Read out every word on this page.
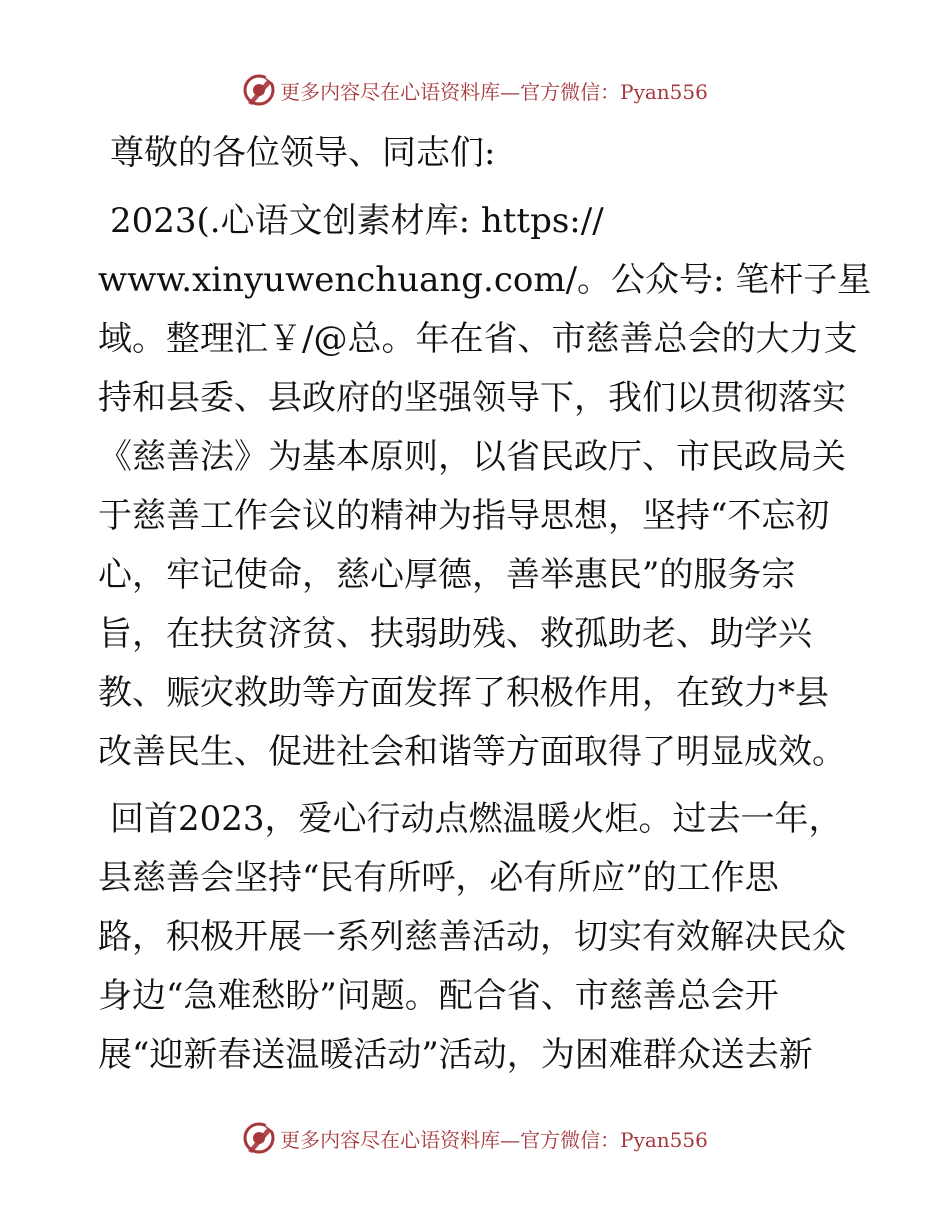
更多内容尽在心语资料库—官方微信：Pyan556

尊敬的各位领导、同志们:

2023(.心语文创素材库: https://
www.xinyuwenchuang.com/。公众号: 笔杆子星
域。整理汇￥/@总。年在省、市慈善总会的大力支
持和县委、县政府的坚强领导下，我们以贯彻落实
《慈善法》为基本原则，以省民政厅、市民政局关
于慈善工作会议的精神为指导思想，坚持“不忘初
心，牢记使命，慈心厚德，善举惠民”的服务宗
旨，在扶贫济贫、扶弱助残、救孤助老、助学兴
教、赈灾救助等方面发挥了积极作用，在致力*县
改善民生、促进社会和谐等方面取得了明显成效。
回首2023，爱心行动点燃温暖火炬。过去一年，
县慈善会坚持“民有所呼，必有所应”的工作思
路，积极开展一系列慈善活动，切实有效解决民众
身边“急难愁盼”问题。配合省、市慈善总会开
展“迎新春送温暖活动”活动，为困难群众送去新
更多内容尽在心语资料库—官方微信：Pyan556
